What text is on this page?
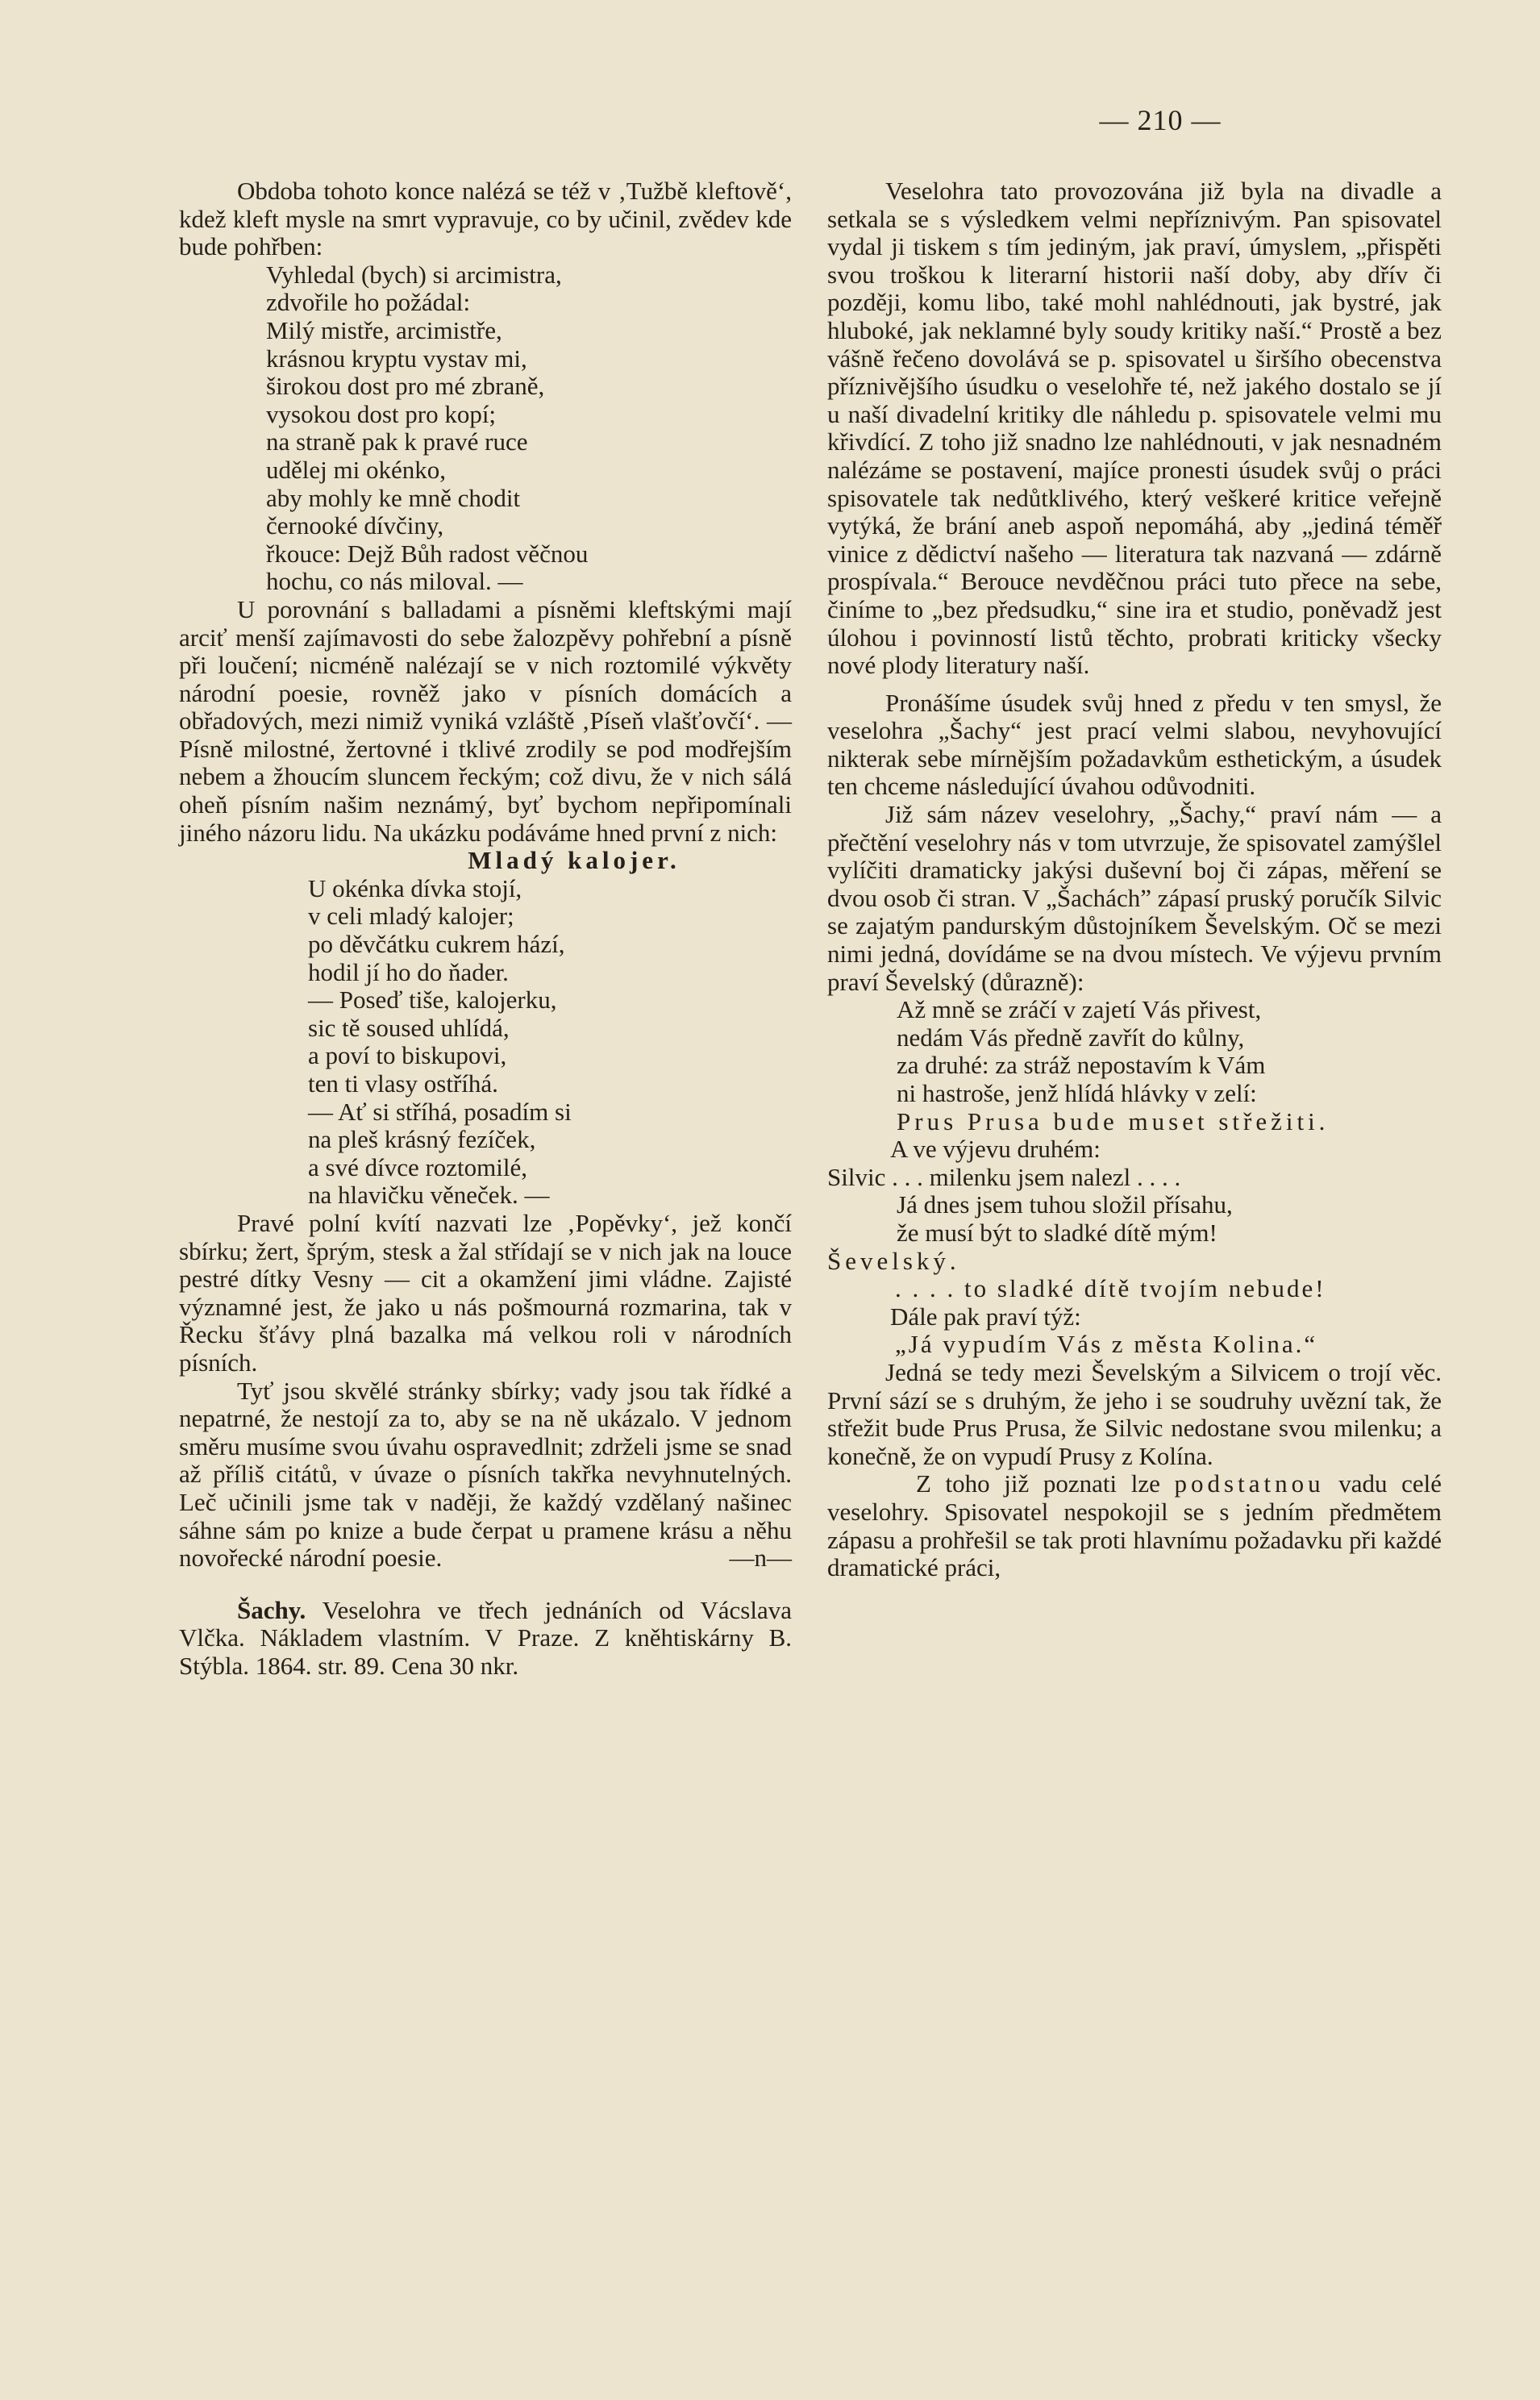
— 210 —

Obdoba tohoto konce nalézá se též v ‚Tužbě kleftově‘, kdež kleft mysle na smrt vypravuje, co by učinil, zvědev kde bude pohřben:

Vyhledal (bych) si arcimistra,
zdvořile ho požádal:
Milý mistře, arcimistře,
krásnou kryptu vystav mi,
širokou dost pro mé zbraně,
vysokou dost pro kopí;
na straně pak k pravé ruce
udělej mi okénko,
aby mohly ke mně chodit
černooké dívčiny,
řkouce: Dejž Bůh radost věčnou
hochu, co nás miloval. —

U porovnání s balladami a písněmi kleftskými mají arciť menší zajímavosti do sebe žalozpěvy pohřební a písně při loučení; nicméně nalézají se v nich roztomilé výkvěty národní poesie, rovněž jako v písních domácích a obřadových, mezi nimiž vyniká vzláště ‚Píseň vlašťovčí‘. — Písně milostné, žertovné i tklivé zrodily se pod modřejším nebem a žhoucím sluncem řeckým; což divu, že v nich sálá oheň písním našim neznámý, byť bychom nepřipomínali jiného názoru lidu. Na ukázku podáváme hned první z nich:

Mladý kalojer.
U okénka dívka stojí,
v celi mladý kalojer;
po děvčátku cukrem hází,
hodil jí ho do ňader.
— Poseď tiše, kalojerku,
sic tě soused uhlídá,
a poví to biskupovi,
ten ti vlasy ostříhá.
— Ať si stříhá, posadím si
na pleš krásný fezíček,
a své dívce roztomilé,
na hlavičku věneček. —

Pravé polní kvítí nazvati lze ‚Popěvky‘, jež končí sbírku; žert, šprým, stesk a žal střídají se v nich jak na louce pestré dítky Vesny — cit a okamžení jimi vládne. Zajisté významné jest, že jako u nás pošmourná rozmarina, tak v Řecku šťávy plná bazalka má velkou roli v národních písních.

Tyť jsou skvělé stránky sbírky; vady jsou tak řídké a nepatrné, že nestojí za to, aby se na ně ukázalo. V jednom směru musíme svou úvahu ospravedlnit; zdrželi jsme se snad až příliš citátů, v úvaze o písních takřka nevyhnutelných. Leč učinili jsme tak v naději, že každý vzdělaný našinec sáhne sám po knize a bude čerpat u pramene krásu a něhu novořecké národní poesie.	—n—

Šachy. Veselohra ve třech jednáních od Vácslava Vlčka. Nákladem vlastním. V Praze. Z kněhtiskárny B. Stýbla. 1864. str. 89. Cena 30 nkr.

Veselohra tato provozována již byla na divadle a setkala se s výsledkem velmi nepříznivým. Pan spisovatel vydal ji tiskem s tím jediným, jak praví, úmyslem, „přispěti svou troškou k literarní historii naší doby, aby dřív či později, komu libo, také mohl nahlédnouti, jak bystré, jak hluboké, jak neklamné byly soudy kritiky naší.“ Prostě a bez vášně řečeno dovolává se p. spisovatel u širšího obecenstva příznivějšího úsudku o veselohře té, než jakého dostalo se jí u naší divadelní kritiky dle náhledu p. spisovatele velmi mu křivdící. Z toho již snadno lze nahlédnouti, v jak nesnadném nalézáme se postavení, majíce pronesti úsudek svůj o práci spisovatele tak nedůtklivého, který veškeré kritice veřejně vytýká, že brání aneb aspoň nepomáhá, aby „jediná téměř vinice z dědictví našeho — literatura tak nazvaná — zdárně prospívala.“ Berouce nevděčnou práci tuto přece na sebe, činíme to „bez předsudku,“ sine ira et studio, poněvadž jest úlohou i povinností listů těchto, probrati kriticky všecky nové plody literatury naší.

Pronášíme úsudek svůj hned z předu v ten smysl, že veselohra „Šachy“ jest prací velmi slabou, nevyhovující nikterak sebe mírnějším požadavkům esthetickým, a úsudek ten chceme následující úvahou odůvodniti.

Již sám název veselohry, „Šachy,“ praví nám — a přečtění veselohry nás v tom utvrzuje, že spisovatel zamýšlel vylíčiti dramaticky jakýsi duševní boj či zápas, měření se dvou osob či stran. V „Šacháchˮ zápasí pruský poručík Silvic se zajatým pandurským důstojníkem Ševelským. Oč se mezi nimi jedná, dovídáme se na dvou místech. Ve výjevu prvním praví Ševelský (důrazně):

Až mně se zráčí v zajetí Vás přivest,
nedám Vás předně zavřít do kůlny,
za druhé: za stráž nepostavím k Vám
ni hastroše, jenž hlídá hlávky v zelí:
Prus Prusa bude muset střežiti.

A ve výjevu druhém:

Silvic . . . milenku jsem nalezl . . . .
Já dnes jsem tuhou složil přísahu,
že musí být to sladké dítě mým!
Ševelský.
. . . . to sladké dítě tvojím nebude!

Dále pak praví týž:

„Já vypudím Vás z města Kolina.“

Jedná se tedy mezi Ševelským a Silvicem o trojí věc. První sází se s druhým, že jeho i se soudruhy uvězní tak, že střežit bude Prus Prusa, že Silvic nedostane svou milenku; a konečně, že on vypudí Prusy z Kolína.

Z toho již poznati lze podstatnou vadu celé veselohry. Spisovatel nespokojil se s jedním předmětem zápasu a prohřešil se tak proti hlavnímu požadavku při každé dramatické práci,
